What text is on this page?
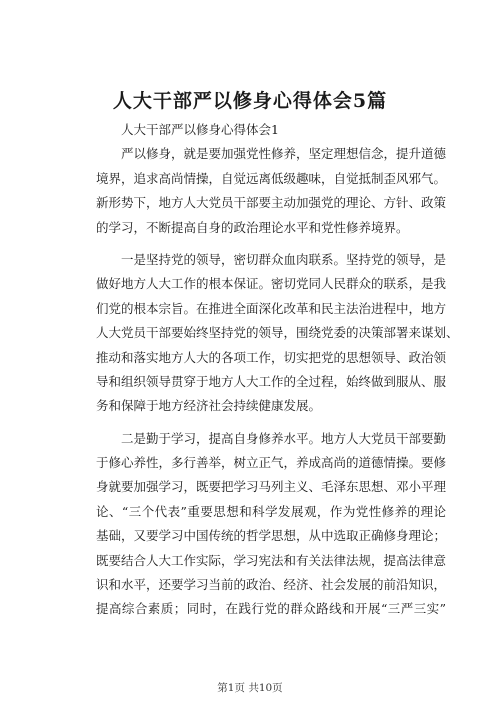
人大干部严以修身心得体会5篇
人大干部严以修身心得体会1
严以修身，就是要加强党性修养，坚定理想信念，提升道德
境界，追求高尚情操，自觉远离低级趣味，自觉抵制歪风邪气。
新形势下，地方人大党员干部要主动加强党的理论、方针、政策
的学习，不断提高自身的政治理论水平和党性修养境界。
一是坚持党的领导，密切群众血肉联系。坚持党的领导，是
做好地方人大工作的根本保证。密切党同人民群众的联系，是我
们党的根本宗旨。在推进全面深化改革和民主法治进程中，地方
人大党员干部要始终坚持党的领导，围绕党委的决策部署来谋划、
推动和落实地方人大的各项工作，切实把党的思想领导、政治领
导和组织领导贯穿于地方人大工作的全过程，始终做到服从、服
务和保障于地方经济社会持续健康发展。
二是勤于学习，提高自身修养水平。地方人大党员干部要勤
于修心养性，多行善举，树立正气，养成高尚的道德情操。要修
身就要加强学习，既要把学习马列主义、毛泽东思想、邓小平理
论、“三个代表”重要思想和科学发展观，作为党性修养的理论
基础，又要学习中国传统的哲学思想，从中选取正确修身理论；
既要结合人大工作实际，学习宪法和有关法律法规，提高法律意
识和水平，还要学习当前的政治、经济、社会发展的前沿知识，
提高综合素质；同时，在践行党的群众路线和开展“三严三实”
第1页 共10页
